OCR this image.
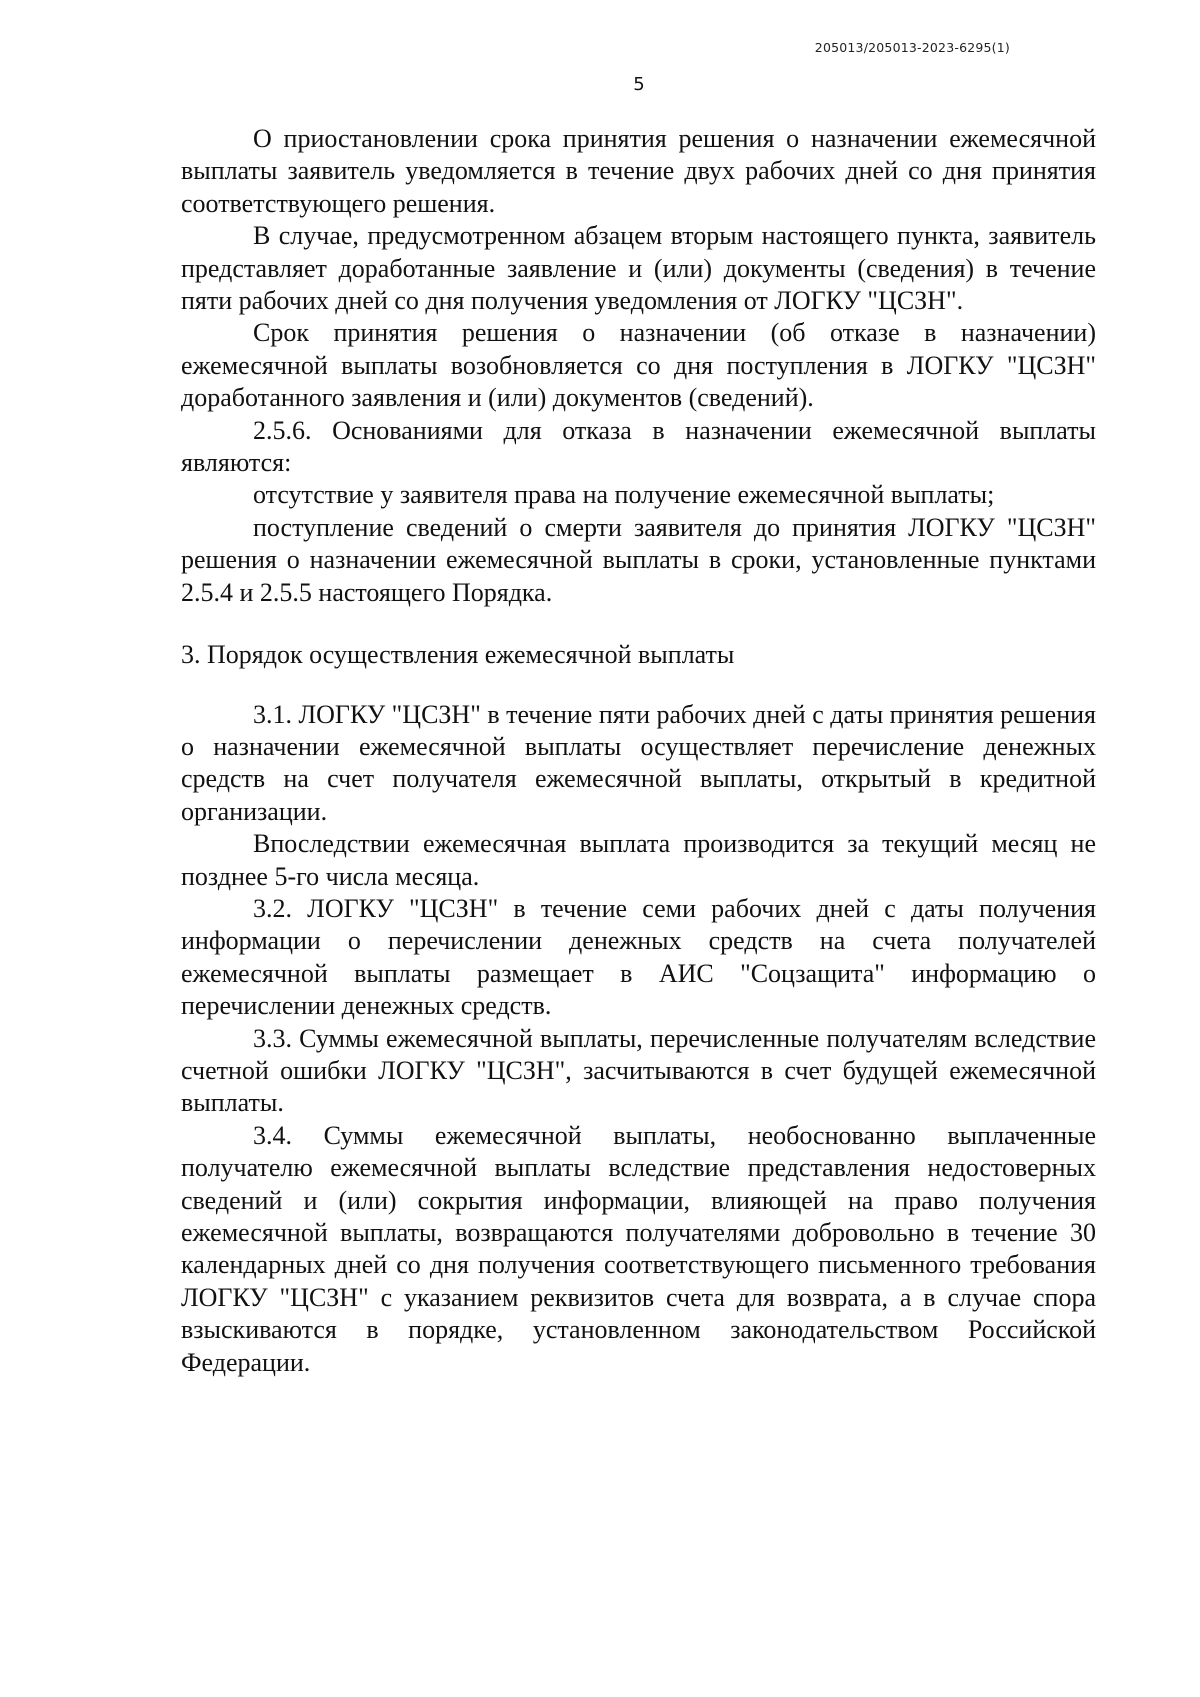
205013/205013-2023-6295(1)
5

О приостановлении срока принятия решения о назначении ежемесячной выплаты заявитель уведомляется в течение двух рабочих дней со дня принятия соответствующего решения.

В случае, предусмотренном абзацем вторым настоящего пункта, заявитель представляет доработанные заявление и (или) документы (сведения) в течение пяти рабочих дней со дня получения уведомления от ЛОГКУ "ЦСЗН".

Срок принятия решения о назначении (об отказе в назначении) ежемесячной выплаты возобновляется со дня поступления в ЛОГКУ "ЦСЗН" доработанного заявления и (или) документов (сведений).

2.5.6. Основаниями для отказа в назначении ежемесячной выплаты являются:

отсутствие у заявителя права на получение ежемесячной выплаты;

поступление сведений о смерти заявителя до принятия ЛОГКУ "ЦСЗН" решения о назначении ежемесячной выплаты в сроки, установленные пунктами 2.5.4 и 2.5.5 настоящего Порядка.

3. Порядок осуществления ежемесячной выплаты

3.1. ЛОГКУ "ЦСЗН" в течение пяти рабочих дней с даты принятия решения о назначении ежемесячной выплаты осуществляет перечисление денежных средств на счет получателя ежемесячной выплаты, открытый в кредитной организации.

Впоследствии ежемесячная выплата производится за текущий месяц не позднее 5-го числа месяца.

3.2. ЛОГКУ "ЦСЗН" в течение семи рабочих дней с даты получения информации о перечислении денежных средств на счета получателей ежемесячной выплаты размещает в АИС "Соцзащита" информацию о перечислении денежных средств.

3.3. Суммы ежемесячной выплаты, перечисленные получателям вследствие счетной ошибки ЛОГКУ "ЦСЗН", засчитываются в счет будущей ежемесячной выплаты.

3.4. Суммы ежемесячной выплаты, необоснованно выплаченные получателю ежемесячной выплаты вследствие представления недостоверных сведений и (или) сокрытия информации, влияющей на право получения ежемесячной выплаты, возвращаются получателями добровольно в течение 30 календарных дней со дня получения соответствующего письменного требования ЛОГКУ "ЦСЗН" с указанием реквизитов счета для возврата, а в случае спора взыскиваются в порядке, установленном законодательством Российской Федерации.
